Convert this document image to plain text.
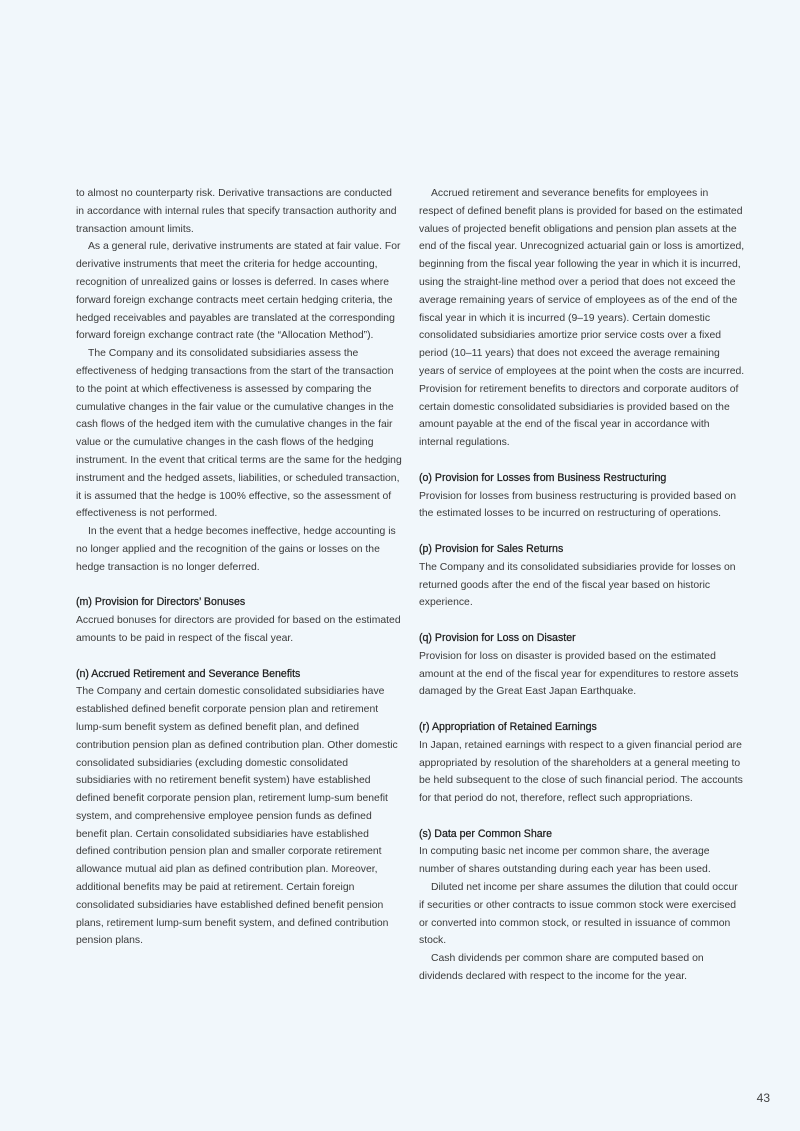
to almost no counterparty risk. Derivative transactions are conducted in accordance with internal rules that specify transaction authority and transaction amount limits.

As a general rule, derivative instruments are stated at fair value. For derivative instruments that meet the criteria for hedge accounting, recognition of unrealized gains or losses is deferred. In cases where forward foreign exchange contracts meet certain hedging criteria, the hedged receivables and payables are translated at the corresponding forward foreign exchange contract rate (the “Allocation Method”).

The Company and its consolidated subsidiaries assess the effectiveness of hedging transactions from the start of the transaction to the point at which effectiveness is assessed by comparing the cumulative changes in the fair value or the cumulative changes in the cash flows of the hedged item with the cumulative changes in the fair value or the cumulative changes in the cash flows of the hedging instrument. In the event that critical terms are the same for the hedging instrument and the hedged assets, liabilities, or scheduled transaction, it is assumed that the hedge is 100% effective, so the assessment of effectiveness is not performed.

In the event that a hedge becomes ineffective, hedge accounting is no longer applied and the recognition of the gains or losses on the hedge transaction is no longer deferred.

(m) Provision for Directors’ Bonuses

Accrued bonuses for directors are provided for based on the estimated amounts to be paid in respect of the fiscal year.

(n) Accrued Retirement and Severance Benefits

The Company and certain domestic consolidated subsidiaries have established defined benefit corporate pension plan and retirement lump-sum benefit system as defined benefit plan, and defined contribution pension plan as defined contribution plan. Other domestic consolidated subsidiaries (excluding domestic consolidated subsidiaries with no retirement benefit system) have established defined benefit corporate pension plan, retirement lump-sum benefit system, and comprehensive employee pension funds as defined benefit plan. Certain consolidated subsidiaries have established defined contribution pension plan and smaller corporate retirement allowance mutual aid plan as defined contribution plan. Moreover, additional benefits may be paid at retirement. Certain foreign consolidated subsidiaries have established defined benefit pension plans, retirement lump-sum benefit system, and defined contribution pension plans.

Accrued retirement and severance benefits for employees in respect of defined benefit plans is provided for based on the estimated values of projected benefit obligations and pension plan assets at the end of the fiscal year. Unrecognized actuarial gain or loss is amortized, beginning from the fiscal year following the year in which it is incurred, using the straight-line method over a period that does not exceed the average remaining years of service of employees as of the end of the fiscal year in which it is incurred (9–19 years). Certain domestic consolidated subsidiaries amortize prior service costs over a fixed period (10–11 years) that does not exceed the average remaining years of service of employees at the point when the costs are incurred. Provision for retirement benefits to directors and corporate auditors of certain domestic consolidated subsidiaries is provided based on the amount payable at the end of the fiscal year in accordance with internal regulations.

(o) Provision for Losses from Business Restructuring

Provision for losses from business restructuring is provided based on the estimated losses to be incurred on restructuring of operations.

(p) Provision for Sales Returns

The Company and its consolidated subsidiaries provide for losses on returned goods after the end of the fiscal year based on historic experience.

(q) Provision for Loss on Disaster

Provision for loss on disaster is provided based on the estimated amount at the end of the fiscal year for expenditures to restore assets damaged by the Great East Japan Earthquake.

(r) Appropriation of Retained Earnings

In Japan, retained earnings with respect to a given financial period are appropriated by resolution of the shareholders at a general meeting to be held subsequent to the close of such financial period. The accounts for that period do not, therefore, reflect such appropriations.

(s) Data per Common Share

In computing basic net income per common share, the average number of shares outstanding during each year has been used.

Diluted net income per share assumes the dilution that could occur if securities or other contracts to issue common stock were exercised or converted into common stock, or resulted in issuance of common stock.

Cash dividends per common share are computed based on dividends declared with respect to the income for the year.

43
